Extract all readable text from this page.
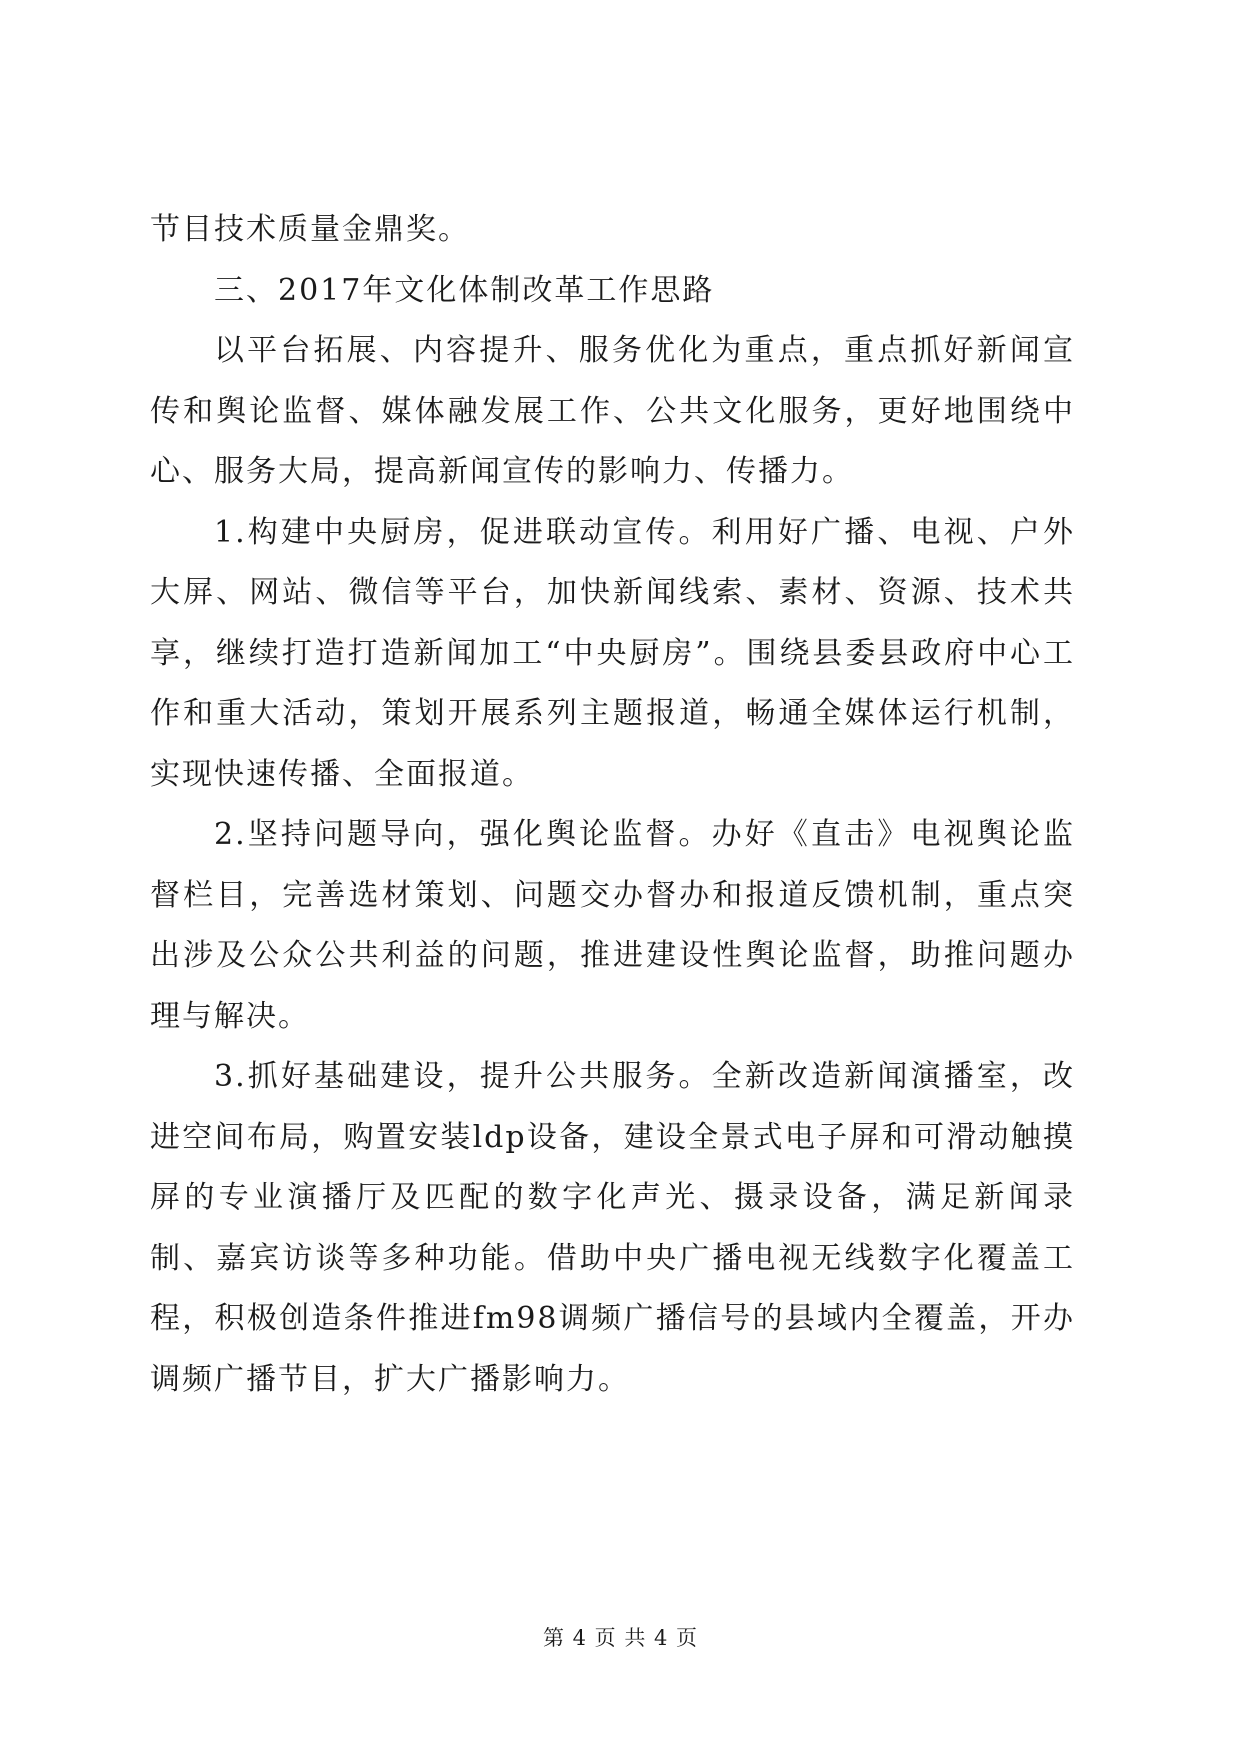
节目技术质量金鼎奖。

三、2017年文化体制改革工作思路

以平台拓展、内容提升、服务优化为重点，重点抓好新闻宣传和舆论监督、媒体融发展工作、公共文化服务，更好地围绕中心、服务大局，提高新闻宣传的影响力、传播力。

1.构建中央厨房，促进联动宣传。利用好广播、电视、户外大屏、网站、微信等平台，加快新闻线索、素材、资源、技术共享，继续打造打造新闻加工“中央厨房”。围绕县委县政府中心工作和重大活动，策划开展系列主题报道，畅通全媒体运行机制，实现快速传播、全面报道。

2.坚持问题导向，强化舆论监督。办好《直击》电视舆论监督栏目，完善选材策划、问题交办督办和报道反馈机制，重点突出涉及公众公共利益的问题，推进建设性舆论监督，助推问题办理与解决。

3.抓好基础建设，提升公共服务。全新改造新闻演播室，改进空间布局，购置安装ldp设备，建设全景式电子屏和可滑动触摸屏的专业演播厅及匹配的数字化声光、摄录设备，满足新闻录制、嘉宾访谈等多种功能。借助中央广播电视无线数字化覆盖工程，积极创造条件推进fm98调频广播信号的县域内全覆盖，开办调频广播节目，扩大广播影响力。

第 4 页 共 4 页
